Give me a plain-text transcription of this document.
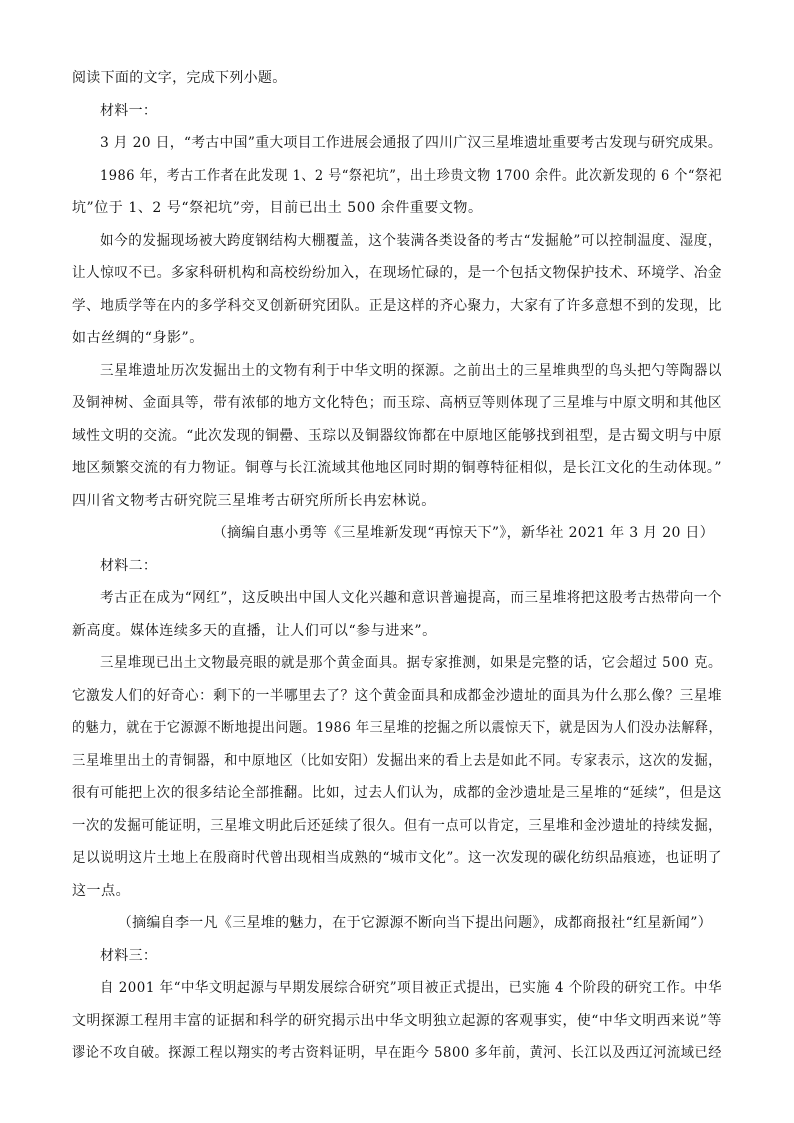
阅读下面的文字，完成下列小题。
材料一：
3 月 20 日，“考古中国”重大项目工作进展会通报了四川广汉三星堆遗址重要考古发现与研究成果。
1986 年，考古工作者在此发现 1、2 号“祭祀坑”，出土珍贵文物 1700 余件。此次新发现的 6 个“祭祀
坑”位于 1、2 号“祭祀坑”旁，目前已出土 500 余件重要文物。
如今的发掘现场被大跨度钢结构大棚覆盖，这个装满各类设备的考古“发掘舱”可以控制温度、湿度，
让人惊叹不已。多家科研机构和高校纷纷加入，在现场忙碌的，是一个包括文物保护技术、环境学、冶金
学、地质学等在内的多学科交叉创新研究团队。正是这样的齐心聚力，大家有了许多意想不到的发现，比
如古丝绸的“身影”。
三星堆遗址历次发掘出土的文物有利于中华文明的探源。之前出土的三星堆典型的鸟头把勺等陶器以
及铜神树、金面具等，带有浓郁的地方文化特色；而玉琮、高柄豆等则体现了三星堆与中原文明和其他区
域性文明的交流。“此次发现的铜罍、玉琮以及铜器纹饰都在中原地区能够找到祖型，是古蜀文明与中原
地区频繁交流的有力物证。铜尊与长江流域其他地区同时期的铜尊特征相似，是长江文化的生动体现。”
四川省文物考古研究院三星堆考古研究所所长冉宏林说。
（摘编自惠小勇等《三星堆新发现“再惊天下”》，新华社 2021 年 3 月 20 日）
材料二：
考古正在成为“网红”，这反映出中国人文化兴趣和意识普遍提高，而三星堆将把这股考古热带向一个
新高度。媒体连续多天的直播，让人们可以“参与进来”。
三星堆现已出土文物最亮眼的就是那个黄金面具。据专家推测，如果是完整的话，它会超过 500 克。
它激发人们的好奇心：剩下的一半哪里去了？这个黄金面具和成都金沙遗址的面具为什么那么像？三星堆
的魅力，就在于它源源不断地提出问题。1986 年三星堆的挖掘之所以震惊天下，就是因为人们没办法解释，
三星堆里出土的青铜器，和中原地区（比如安阳）发掘出来的看上去是如此不同。专家表示，这次的发掘，
很有可能把上次的很多结论全部推翻。比如，过去人们认为，成都的金沙遗址是三星堆的“延续”，但是这
一次的发掘可能证明，三星堆文明此后还延续了很久。但有一点可以肯定，三星堆和金沙遗址的持续发掘，
足以说明这片土地上在殷商时代曾出现相当成熟的“城市文化”。这一次发现的碳化纺织品痕迹，也证明了
这一点。
（摘编自李一凡《三星堆的魅力，在于它源源不断向当下提出问题》，成都商报社“红星新闻”）
材料三：
自 2001 年“中华文明起源与早期发展综合研究”项目被正式提出，已实施 4 个阶段的研究工作。中华
文明探源工程用丰富的证据和科学的研究揭示出中华文明独立起源的客观事实，使“中华文明西来说”等
谬论不攻自破。探源工程以翔实的考古资料证明，早在距今 5800 多年前，黄河、长江以及西辽河流域已经
